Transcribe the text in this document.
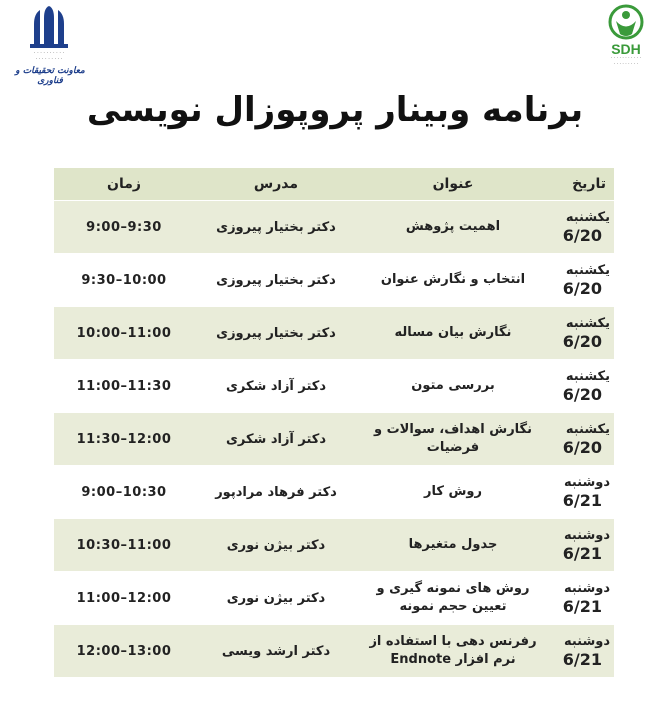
· · · · · · · · · ·
· · · · · · · · ·
معاونت تحقیقات و فناوری
SDH
· · · · · · · · · · ·
· · · · · · · · ·
برنامه وبینار پروپوزال نویسی
تاریخ	عنوان	مدرس	زمان

یکشنبه
6/20	اهمیت پژوهش	دکتر بختیار پیروزی	9:00–9:30

یکشنبه
6/20	انتخاب و نگارش عنوان	دکتر بختیار پیروزی	9:30–10:00

یکشنبه
6/20	نگارش بیان مساله	دکتر بختیار پیروزی	10:00–11:00

یکشنبه
6/20	بررسی متون	دکتر آزاد شکری	11:00–11:30

یکشنبه
6/20	نگارش اهداف، سوالات و فرضیات	دکتر آزاد شکری	11:30–12:00

دوشنبه
6/21	روش کار	دکتر فرهاد مرادپور	9:00–10:30

دوشنبه
6/21	جدول متغیرها	دکتر بیژن نوری	10:30–11:00

دوشنبه
6/21	روش های نمونه گیری و تعیین حجم نمونه	دکتر بیژن نوری	11:00–12:00

دوشنبه
6/21	رفرنس دهی با استفاده از نرم افزار Endnote	دکتر ارشد ویسی	12:00–13:00
